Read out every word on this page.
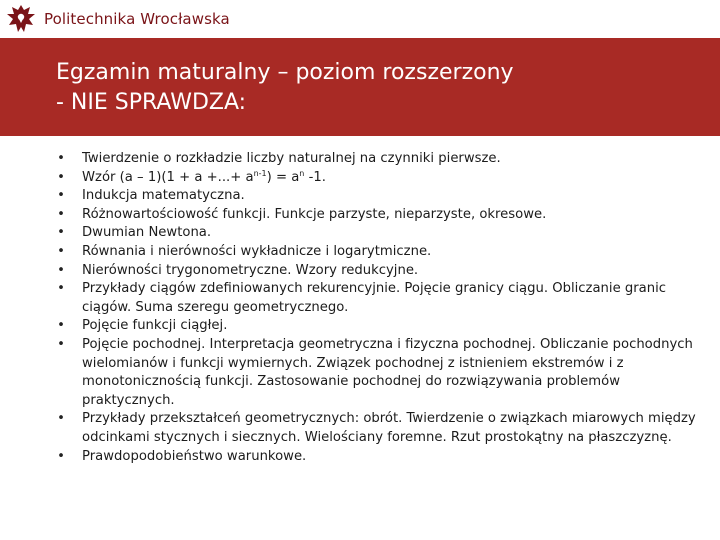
Politechnika Wrocławska
Egzamin maturalny – poziom rozszerzony
- NIE SPRAWDZA:
• Twierdzenie o rozkładzie liczby naturalnej na czynniki pierwsze.
• Wzór (a – 1)(1 + a +...+ $a^{n-1}) = a^n$ -1.
• Indukcja matematyczna.
• Różnowartościowość funkcji. Funkcje parzyste, nieparzyste, okresowe.
• Dwumian Newtona.
• Równania i nierówności wykładnicze i logarytmiczne.
• Nierówności trygonometryczne. Wzory redukcyjne.
• Przykłady ciągów zdefiniowanych rekurencyjnie. Pojęcie granicy ciągu. Obliczanie granic ciągów. Suma szeregu geometrycznego.
• Pojęcie funkcji ciągłej.
• Pojęcie pochodnej. Interpretacja geometryczna i fizyczna pochodnej. Obliczanie pochodnych wielomianów i funkcji wymiernych. Związek pochodnej z istnieniem ekstremów i z monotonicznością funkcji. Zastosowanie pochodnej do rozwiązywania problemów praktycznych.
• Przykłady przekształceń geometrycznych: obrót. Twierdzenie o związkach miarowych między odcinkami stycznych i siecznych. Wielościany foremne. Rzut prostokątny na płaszczyznę.
• Prawdopodobieństwo warunkowe.
